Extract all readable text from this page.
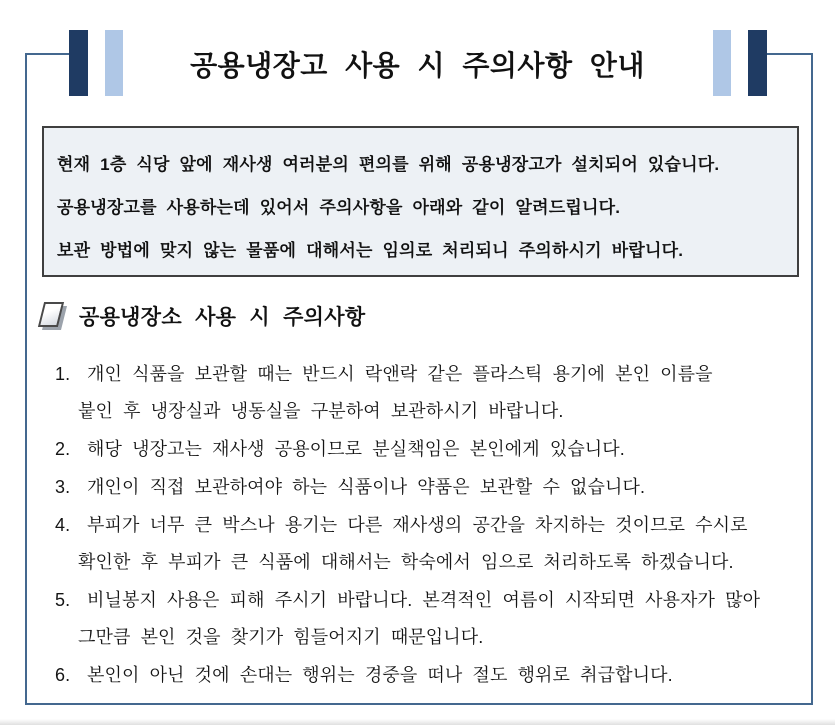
공용냉장고 사용 시 주의사항 안내
현재 1층 식당 앞에 재사생 여러분의 편의를 위해 공용냉장고가 설치되어 있습니다.
공용냉장고를 사용하는데 있어서 주의사항을 아래와 같이 알려드립니다.
보관 방법에 맞지 않는 물품에 대해서는 임의로 처리되니 주의하시기 바랍니다.
공용냉장소 사용 시 주의사항
1. 개인 식품을 보관할 때는 반드시 락앤락 같은 플라스틱 용기에 본인 이름을
붙인 후 냉장실과 냉동실을 구분하여 보관하시기 바랍니다.
2. 해당 냉장고는 재사생 공용이므로 분실책임은 본인에게 있습니다.
3. 개인이 직접 보관하여야 하는 식품이나 약품은 보관할 수 없습니다.
4. 부피가 너무 큰 박스나 용기는 다른 재사생의 공간을 차지하는 것이므로 수시로
확인한 후 부피가 큰 식품에 대해서는 학숙에서 임으로 처리하도록 하겠습니다.
5. 비닐봉지 사용은 피해 주시기 바랍니다. 본격적인 여름이 시작되면 사용자가 많아
그만큼 본인 것을 찾기가 힘들어지기 때문입니다.
6. 본인이 아닌 것에 손대는 행위는 경중을 떠나 절도 행위로 취급합니다.
